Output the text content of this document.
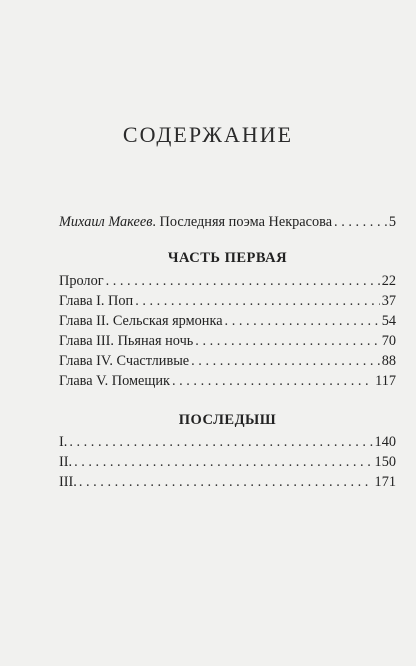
СОДЕРЖАНИЕ
Михаил Макеев. Последняя поэма Некрасова . . .	5
ЧАСТЬ ПЕРВАЯ
Пролог . . .	22
Глава I. Поп . . .	37
Глава II. Сельская ярмонка . . .	54
Глава III. Пьяная ночь . . .	70
Глава IV. Счастливые . . .	88
Глава V. Помещик . . .	117
ПОСЛЕДЫШ
I. . . .	140
II. . . .	150
III. . . .	171
